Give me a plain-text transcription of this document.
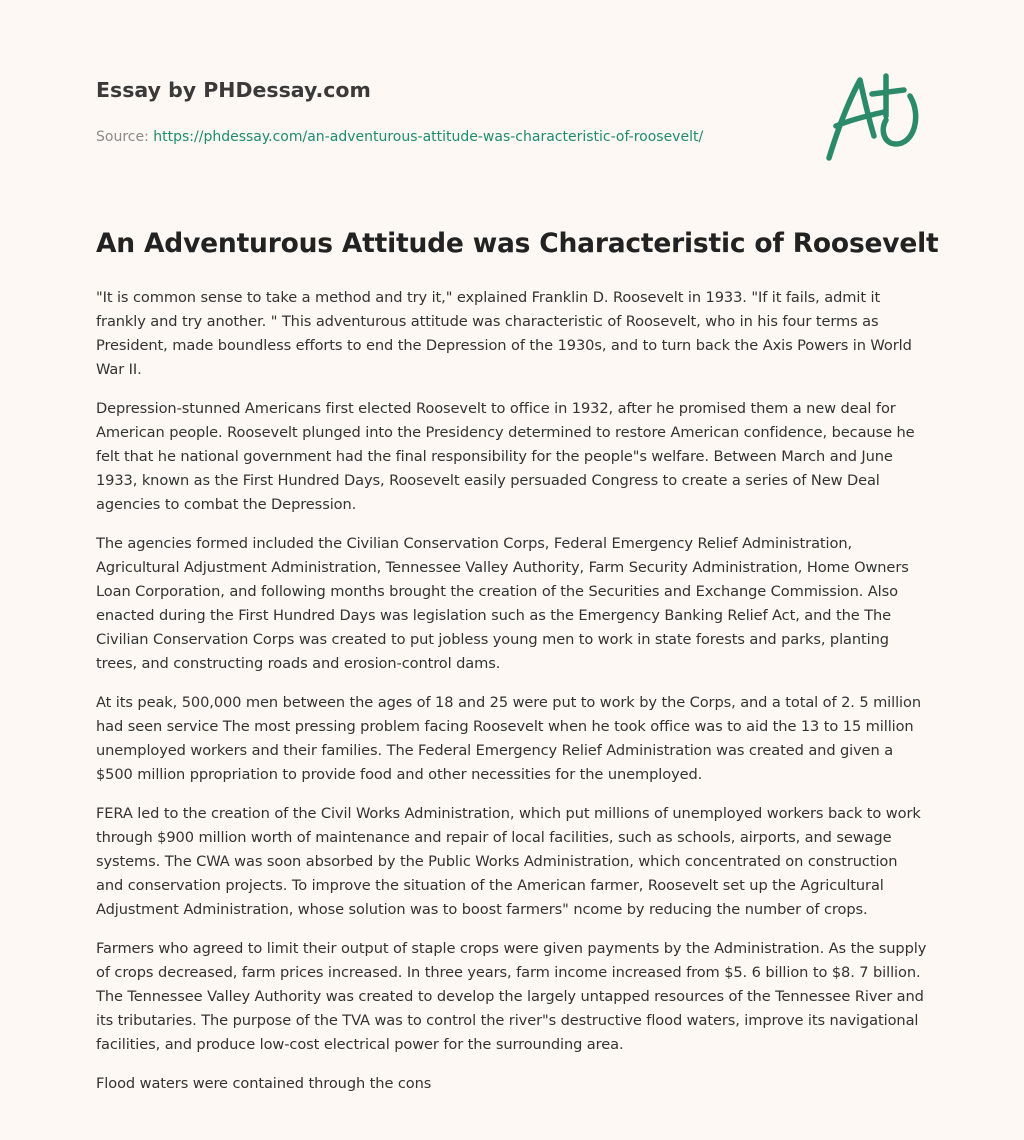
Essay by PHDessay.com
Source: https://phdessay.com/an-adventurous-attitude-was-characteristic-of-roosevelt/
An Adventurous Attitude was Characteristic of Roosevelt

"It is common sense to take a method and try it," explained Franklin D. Roosevelt in 1933. "If it fails, admit it frankly and try another. " This adventurous attitude was characteristic of Roosevelt, who in his four terms as President, made boundless efforts to end the Depression of the 1930s, and to turn back the Axis Powers in World War II.

Depression-stunned Americans first elected Roosevelt to office in 1932, after he promised them a new deal for American people. Roosevelt plunged into the Presidency determined to restore American confidence, because he felt that he national government had the final responsibility for the people"s welfare. Between March and June 1933, known as the First Hundred Days, Roosevelt easily persuaded Congress to create a series of New Deal agencies to combat the Depression.

The agencies formed included the Civilian Conservation Corps, Federal Emergency Relief Administration, Agricultural Adjustment Administration, Tennessee Valley Authority, Farm Security Administration, Home Owners Loan Corporation, and following months brought the creation of the Securities and Exchange Commission. Also enacted during the First Hundred Days was legislation such as the Emergency Banking Relief Act, and the The Civilian Conservation Corps was created to put jobless young men to work in state forests and parks, planting trees, and constructing roads and erosion-control dams.

At its peak, 500,000 men between the ages of 18 and 25 were put to work by the Corps, and a total of 2. 5 million had seen service The most pressing problem facing Roosevelt when he took office was to aid the 13 to 15 million unemployed workers and their families. The Federal Emergency Relief Administration was created and given a $500 million ppropriation to provide food and other necessities for the unemployed.

FERA led to the creation of the Civil Works Administration, which put millions of unemployed workers back to work through $900 million worth of maintenance and repair of local facilities, such as schools, airports, and sewage systems. The CWA was soon absorbed by the Public Works Administration, which concentrated on construction and conservation projects. To improve the situation of the American farmer, Roosevelt set up the Agricultural Adjustment Administration, whose solution was to boost farmers" ncome by reducing the number of crops.

Farmers who agreed to limit their output of staple crops were given payments by the Administration. As the supply of crops decreased, farm prices increased. In three years, farm income increased from $5. 6 billion to $8. 7 billion. The Tennessee Valley Authority was created to develop the largely untapped resources of the Tennessee River and its tributaries. The purpose of the TVA was to control the river"s destructive flood waters, improve its navigational facilities, and produce low-cost electrical power for the surrounding area.

Flood waters were contained through the cons
